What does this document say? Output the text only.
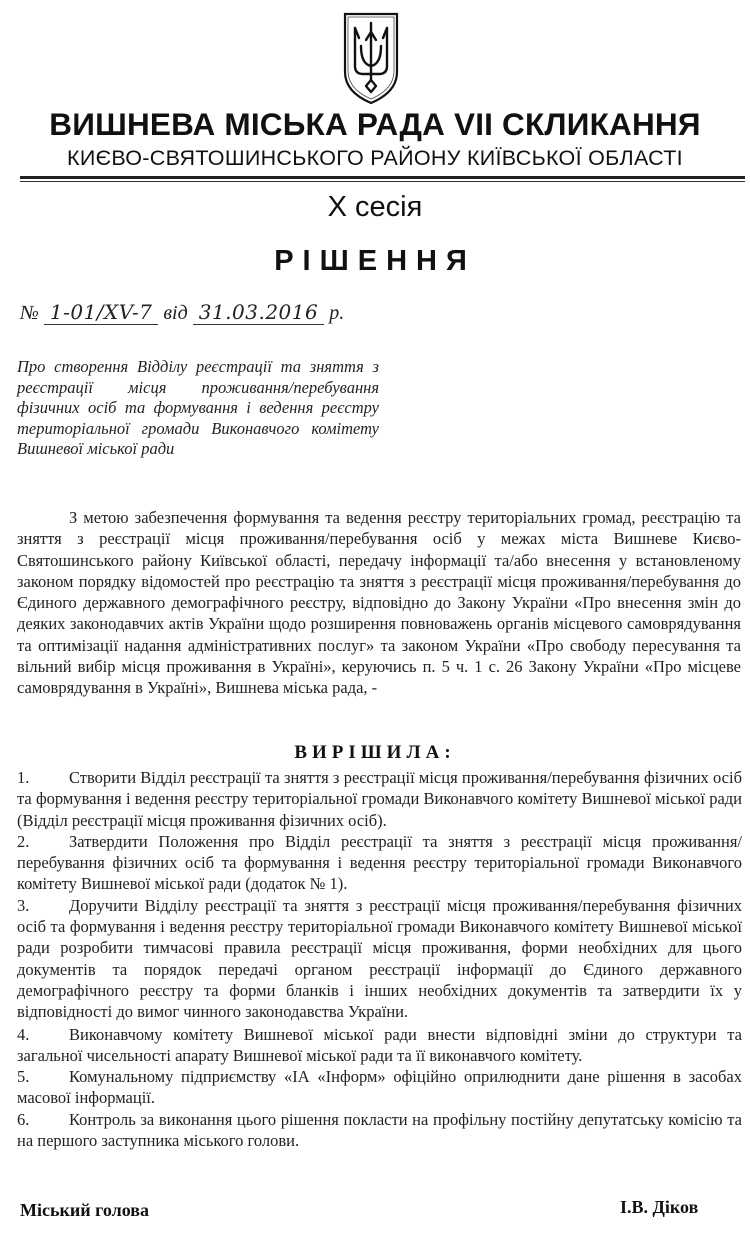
ВИШНЕВА МІСЬКА РАДА VII СКЛИКАННЯ
КИЄВО-СВЯТОШИНСЬКОГО РАЙОНУ КИЇВСЬКОЇ ОБЛАСТІ
Х сесія
РІШЕННЯ
№ 1-01/ХV-7 від 31.03.2016 р.
Про створення Відділу реєстрації та зняття з реєстрації місця проживання/перебування фізичних осіб та формування і ведення реєстру територіальної громади Виконавчого комітету Вишневої міської ради

З метою забезпечення формування та ведення реєстру територіальних громад, реєстрацію та зняття з реєстрації місця проживання/перебування осіб у межах міста Вишневе Києво-Святошинського району Київської області, передачу інформації та/або внесення у встановленому законом порядку відомостей про реєстрацію та зняття з реєстрації місця проживання/перебування до Єдиного державного демографічного реєстру, відповідно до Закону України «Про внесення змін до деяких законодавчих актів України щодо розширення повноважень органів місцевого самоврядування та оптимізації надання адміністративних послуг» та законом України «Про свободу пересування та вільний вибір місця проживання в Україні», керуючись п. 5 ч. 1 с. 26 Закону України «Про місцеве самоврядування в Україні», Вишнева міська рада, -

ВИРІШИЛА:
1. Створити Відділ реєстрації та зняття з реєстрації місця проживання/перебування фізичних осіб та формування і ведення реєстру територіальної громади Виконавчого комітету Вишневої міської ради (Відділ реєстрації місця проживання фізичних осіб).
2. Затвердити Положення про Відділ реєстрації та зняття з реєстрації місця проживання/перебування фізичних осіб та формування і ведення реєстру територіальної громади Виконавчого комітету Вишневої міської ради (додаток № 1).
3. Доручити Відділу реєстрації та зняття з реєстрації місця проживання/перебування фізичних осіб та формування і ведення реєстру територіальної громади Виконавчого комітету Вишневої міської ради розробити тимчасові правила реєстрації місця проживання, форми необхідних для цього документів та порядок передачі органом реєстрації інформації до Єдиного державного демографічного реєстру та форми бланків і інших необхідних документів та затвердити їх у відповідності до вимог чинного законодавства України.
4. Виконавчому комітету Вишневої міської ради внести відповідні зміни до структури та загальної чисельності апарату Вишневої міської ради та її виконавчого комітету.
5. Комунальному підприємству «ІА «Інформ» офіційно оприлюднити дане рішення в засобах масової інформації.
6. Контроль за виконання цього рішення покласти на профільну постійну депутатську комісію та на першого заступника міського голови.
Міський голова	І.В. Діков
